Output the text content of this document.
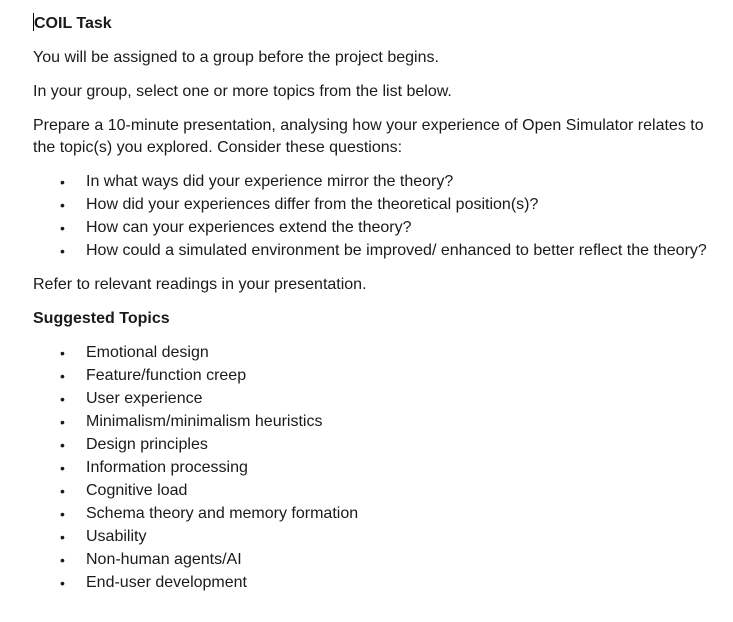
COIL Task

You will be assigned to a group before the project begins.

In your group, select one or more topics from the list below.

Prepare a 10-minute presentation, analysing how your experience of Open Simulator relates to the topic(s) you explored. Consider these questions:

• In what ways did your experience mirror the theory?
• How did your experiences differ from the theoretical position(s)?
• How can your experiences extend the theory?
• How could a simulated environment be improved/ enhanced to better reflect the theory?

Refer to relevant readings in your presentation.

Suggested Topics
• Emotional design
• Feature/function creep
• User experience
• Minimalism/minimalism heuristics
• Design principles
• Information processing
• Cognitive load
• Schema theory and memory formation
• Usability
• Non-human agents/AI
• End-user development
